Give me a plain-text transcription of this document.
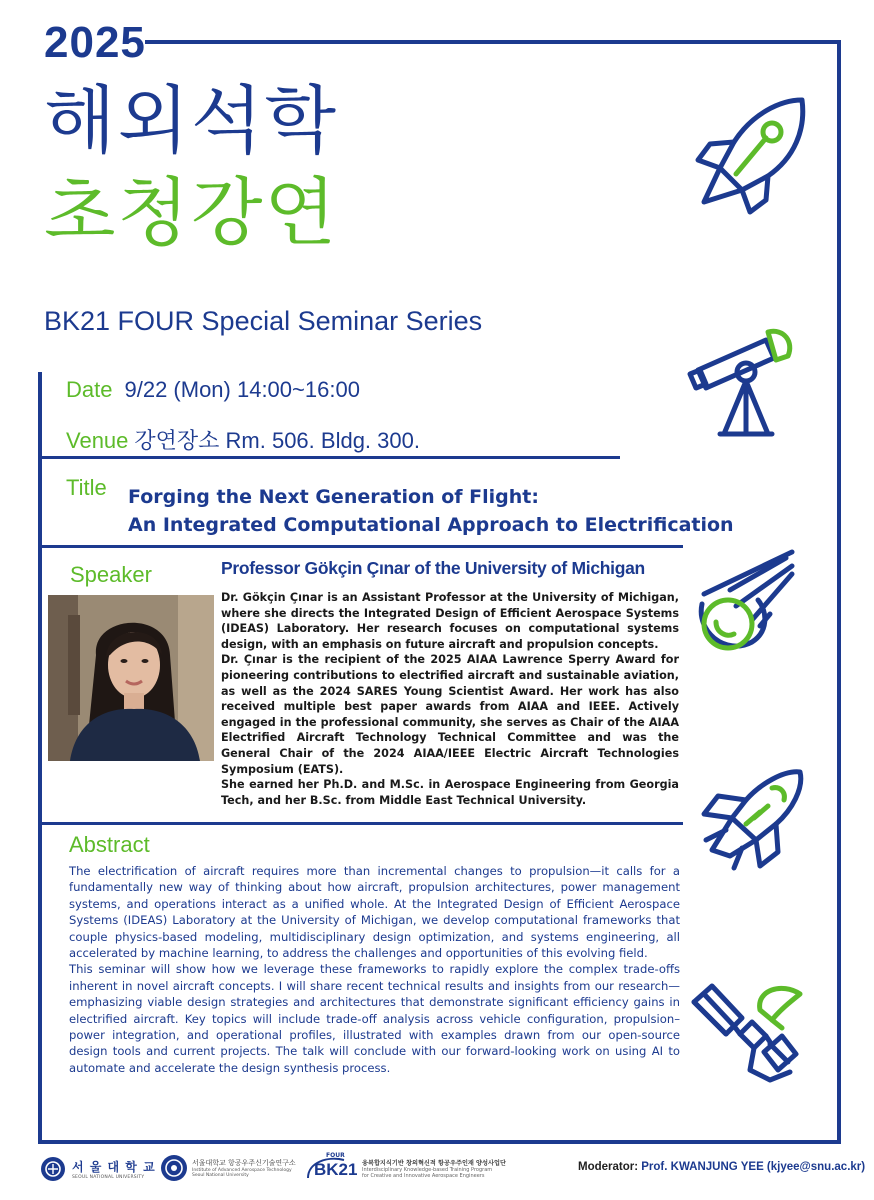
2025
해외석학
초청강연
BK21 FOUR Special Seminar Series
Date 9/22 (Mon) 14:00~16:00
Venue 강연장소 Rm. 506. Bldg. 300.
Title Forging the Next Generation of Flight:
An Integrated Computational Approach to Electrification
Speaker	Professor Gökçin Çınar of the University of Michigan

Dr. Gökçin Çınar is an Assistant Professor at the University of Michigan, where she directs the Integrated Design of Efficient Aerospace Systems (IDEAS) Laboratory. Her research focuses on computational systems design, with an emphasis on future aircraft and propulsion concepts.

Dr. Çınar is the recipient of the 2025 AIAA Lawrence Sperry Award for pioneering contributions to electrified aircraft and sustainable aviation, as well as the 2024 SARES Young Scientist Award. Her work has also received multiple best paper awards from AIAA and IEEE. Actively engaged in the professional community, she serves as Chair of the AIAA Electrified Aircraft Technology Technical Committee and was the General Chair of the 2024 AIAA/IEEE Electric Aircraft Technologies Symposium (EATS).

She earned her Ph.D. and M.Sc. in Aerospace Engineering from Georgia Tech, and her B.Sc. from Middle East Technical University.

Abstract

The electrification of aircraft requires more than incremental changes to propulsion—it calls for a fundamentally new way of thinking about how aircraft, propulsion architectures, power management systems, and operations interact as a unified whole. At the Integrated Design of Efficient Aerospace Systems (IDEAS) Laboratory at the University of Michigan, we develop computational frameworks that couple physics-based modeling, multidisciplinary design optimization, and systems engineering, all accelerated by machine learning, to address the challenges and opportunities of this evolving field.

This seminar will show how we leverage these frameworks to rapidly explore the complex trade-offs inherent in novel aircraft concepts. I will share recent technical results and insights from our research—emphasizing viable design strategies and architectures that demonstrate significant efficiency gains in electrified aircraft. Key topics will include trade-off analysis across vehicle configuration, propulsion–power integration, and operational profiles, illustrated with examples drawn from our open-source design tools and current projects. The talk will conclude with our forward-looking work on using AI to automate and accelerate the design synthesis process.

서 울 대 학 교
SEOUL NATIONAL UNIVERSITY
서울대학교 항공우주신기술연구소
Institute of Advanced Aerospace Technology
Seoul National University
FOUR
BK21 융복합지식기반 창의혁신적 항공우주인재 양성사업단
Interdisciplinary Knowledge-based Training Program
for Creative and Innovative Aerospace Engineers
Moderator: Prof. KWANJUNG YEE (kjyee@snu.ac.kr)
